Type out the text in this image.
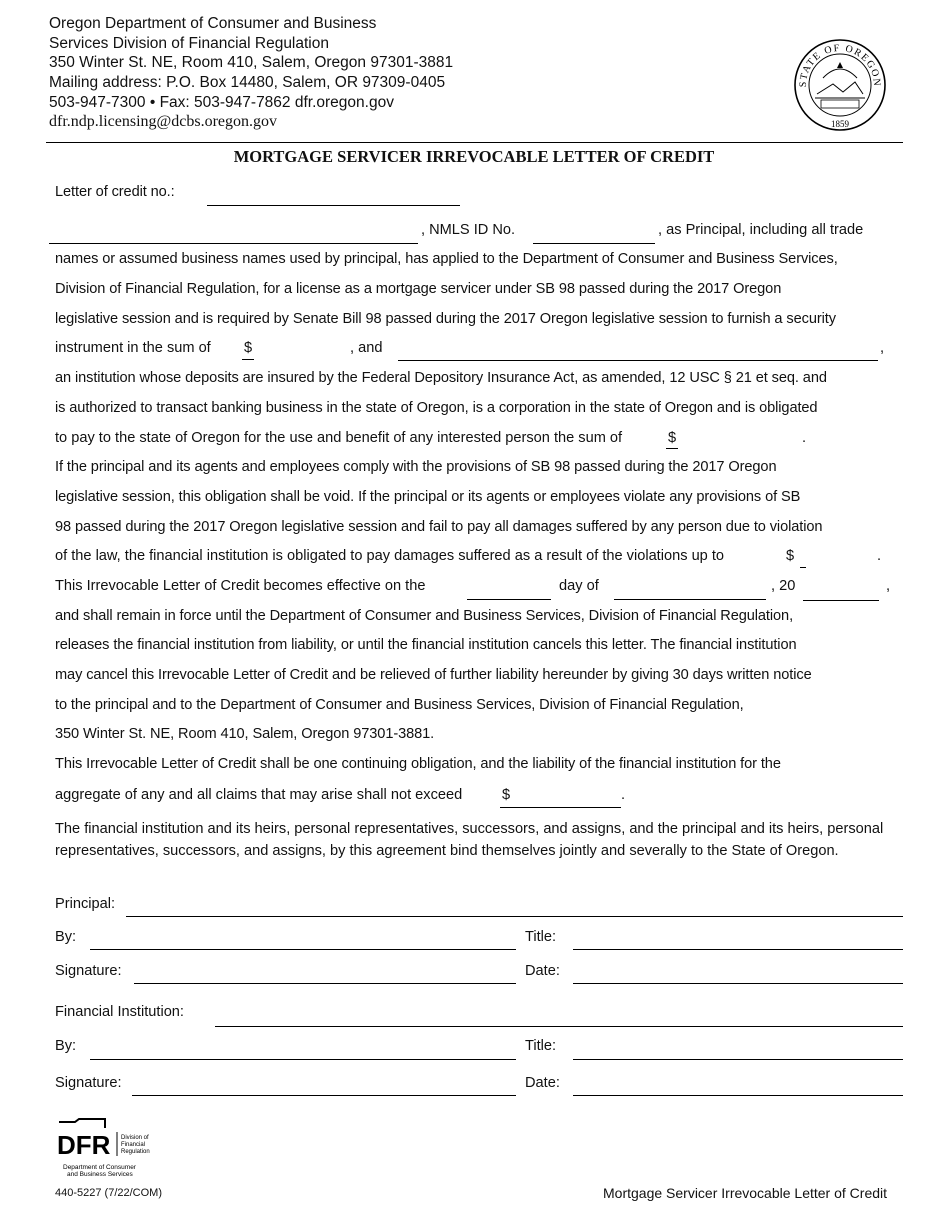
Oregon Department of Consumer and Business
Services Division of Financial Regulation
350 Winter St. NE, Room 410, Salem, Oregon 97301-3881
Mailing address: P.O. Box 14480, Salem, OR 97309-0405
503-947-7300 • Fax: 503-947-7862 dfr.oregon.gov
dfr.ndp.licensing@dcbs.oregon.gov
STATE OF OREGON
1859
MORTGAGE SERVICER IRREVOCABLE LETTER OF CREDIT
Letter of credit no.:
, NMLS ID No.	, as Principal, including all trade
names or assumed business names used by principal, has applied to the Department of Consumer and Business Services,
Division of Financial Regulation, for a license as a mortgage servicer under SB 98 passed during the 2017 Oregon
legislative session and is required by Senate Bill 98 passed during the 2017 Oregon legislative session to furnish a security
instrument in the sum of $	, and	,
an institution whose deposits are insured by the Federal Depository Insurance Act, as amended, 12 USC § 21 et seq. and
is authorized to transact banking business in the state of Oregon, is a corporation in the state of Oregon and is obligated
to pay to the state of Oregon for the use and benefit of any interested person the sum of	$	.
If the principal and its agents and employees comply with the provisions of SB 98 passed during the 2017 Oregon
legislative session, this obligation shall be void. If the principal or its agents or employees violate any provisions of SB
98 passed during the 2017 Oregon legislative session and fail to pay all damages suffered by any person due to violation
of the law, the financial institution is obligated to pay damages suffered as a result of the violations up to	$	.
This Irrevocable Letter of Credit becomes effective on the	day of	, 20	,
and shall remain in force until the Department of Consumer and Business Services, Division of Financial Regulation,
releases the financial institution from liability, or until the financial institution cancels this letter. The financial institution
may cancel this Irrevocable Letter of Credit and be relieved of further liability hereunder by giving 30 days written notice
to the principal and to the Department of Consumer and Business Services, Division of Financial Regulation,
350 Winter St. NE, Room 410, Salem, Oregon 97301-3881.
This Irrevocable Letter of Credit shall be one continuing obligation, and the liability of the financial institution for the
aggregate of any and all claims that may arise shall not exceed	$	.
The financial institution and its heirs, personal representatives, successors, and assigns, and the principal and its heirs, personal representatives, successors, and assigns, by this agreement bind themselves jointly and severally to the State of Oregon.
Principal:
By:	Title:
Signature:	Date:
Financial Institution:
By:	Title:
Signature:	Date:
DFR Division of
Financial
Regulation
Department of Consumer
and Business Services
440-5227 (7/22/COM)	Mortgage Servicer Irrevocable Letter of Credit
